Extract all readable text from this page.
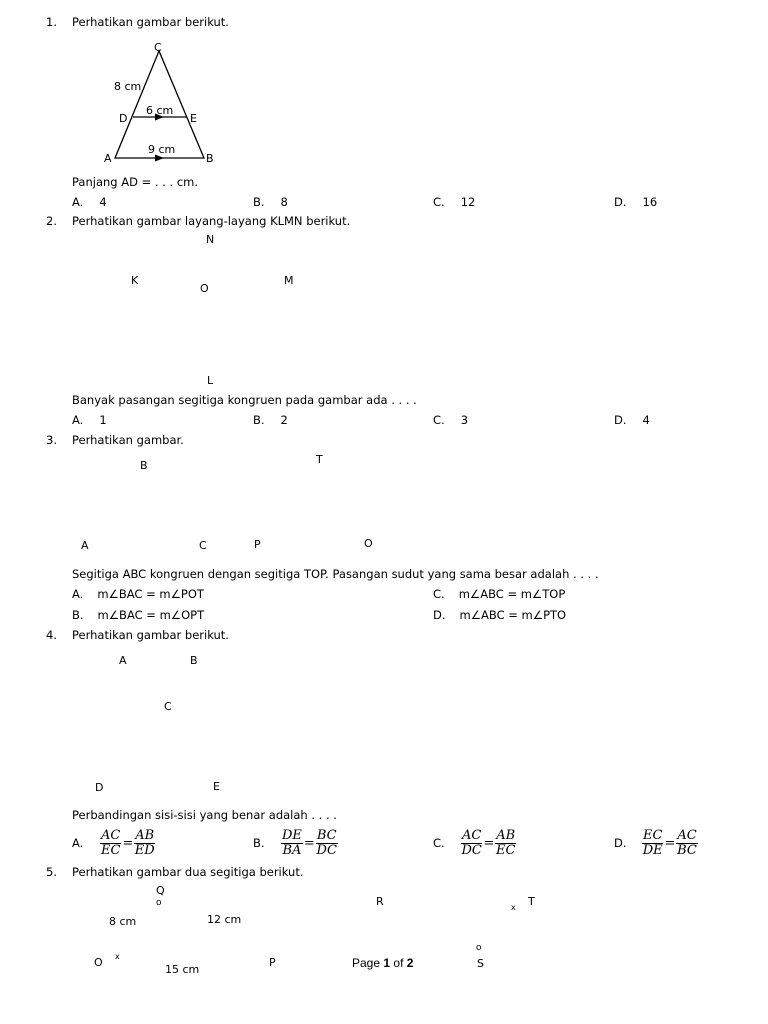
1. Perhatikan gambar berikut.
C
D	E
A	B
8 cm
6 cm
9 cm
Panjang AD = . . . cm.
A. 4	B. 8	C. 12	D. 16
2. Perhatikan gambar layang-layang KLMN berikut.
N
K
O
M
L
Banyak pasangan segitiga kongruen pada gambar ada . . . .
A. 1	B. 2	C. 3	D. 4
3. Perhatikan gambar.
B	T
A	C	P	O
Segitiga ABC kongruen dengan segitiga TOP. Pasangan sudut yang sama besar adalah . . . .
A. m∠BAC = m∠POT	C. m∠ABC = m∠TOP
B. m∠BAC = m∠OPT	D. m∠ABC = m∠PTO
4. Perhatikan gambar berikut.
A	B
C
D	E
Perbandingan sisi-sisi yang benar adalah . . . .
A.	$\frac{AC}{EC} = \frac{AB}{ED}$	B.	$\frac{DE}{BA} = \frac{BC}{DC}$	C.	$\frac{AC}{DC} = \frac{AB}{EC}$	D.	$\frac{EC}{DE} = \frac{AC}{BC}$
5. Perhatikan gambar dua segitiga berikut.
Q
o	R	x T
8 cm	12 cm
o
x
O	P	S
15 cm	Page 1 of 2
